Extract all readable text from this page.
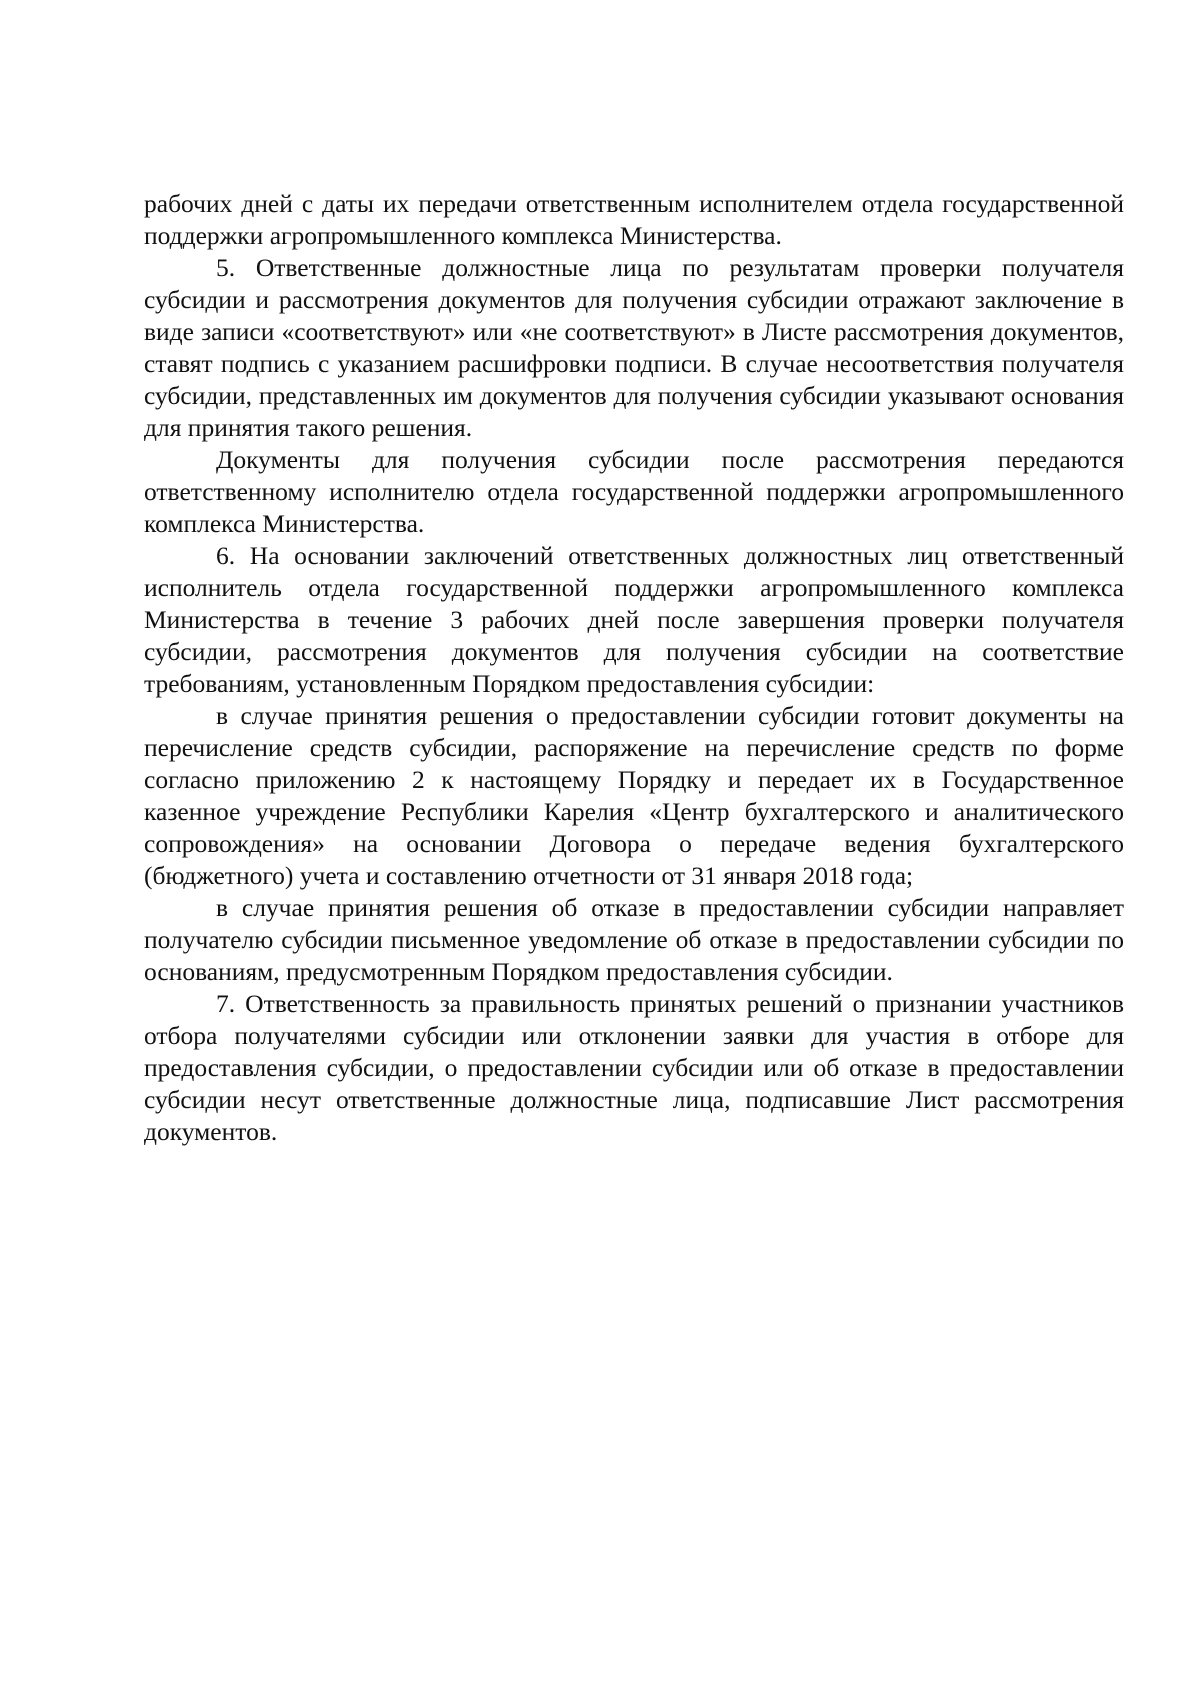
рабочих дней с даты их передачи ответственным исполнителем отдела государственной поддержки агропромышленного комплекса Министерства.

5. Ответственные должностные лица по результатам проверки получателя субсидии и рассмотрения документов для получения субсидии отражают заключение в виде записи «соответствуют» или «не соответствуют» в Листе рассмотрения документов, ставят подпись с указанием расшифровки подписи. В случае несоответствия получателя субсидии, представленных им документов для получения субсидии указывают основания для принятия такого решения.

Документы для получения субсидии после рассмотрения передаются ответственному исполнителю отдела государственной поддержки агропромышленного комплекса Министерства.

6. На основании заключений ответственных должностных лиц ответственный исполнитель отдела государственной поддержки агропромышленного комплекса Министерства в течение 3 рабочих дней после завершения проверки получателя субсидии, рассмотрения документов для получения субсидии на соответствие требованиям, установленным Порядком предоставления субсидии:

в случае принятия решения о предоставлении субсидии готовит документы на перечисление средств субсидии, распоряжение на перечисление средств по форме согласно приложению 2 к настоящему Порядку и передает их в Государственное казенное учреждение Республики Карелия «Центр бухгалтерского и аналитического сопровождения» на основании Договора о передаче ведения бухгалтерского (бюджетного) учета и составлению отчетности от 31 января 2018 года;

в случае принятия решения об отказе в предоставлении субсидии направляет получателю субсидии письменное уведомление об отказе в предоставлении субсидии по основаниям, предусмотренным Порядком предоставления субсидии.

7. Ответственность за правильность принятых решений о признании участников отбора получателями субсидии или отклонении заявки для участия в отборе для предоставления субсидии, о предоставлении субсидии или об отказе в предоставлении субсидии несут ответственные должностные лица, подписавшие Лист рассмотрения документов.
